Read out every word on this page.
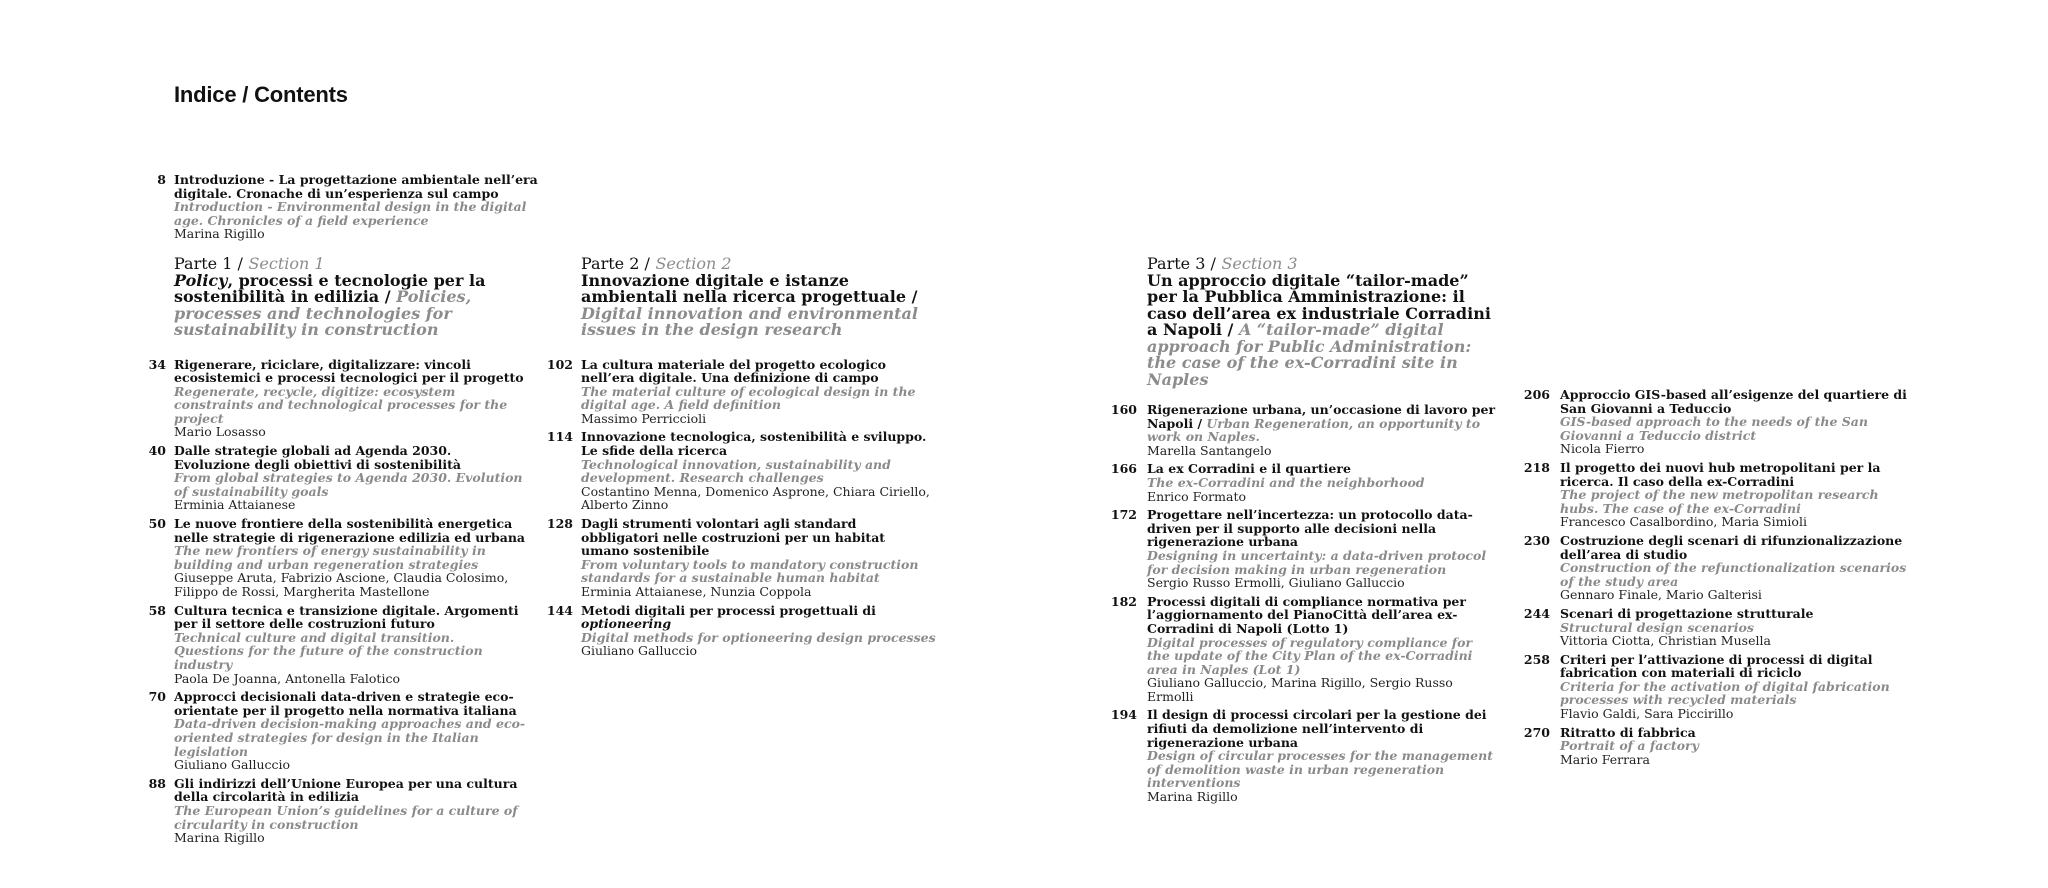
Indice / Contents
8 Introduzione - La progettazione ambientale nell’era digitale. Cronache di un’esperienza sul campo
Introduction - Environmental design in the digital age. Chronicles of a field experience
Marina Rigillo
Parte 1 / Section 1
Policy, processi e tecnologie per la sostenibilità in edilizia / Policies, processes and technologies for sustainability in construction
34 Rigenerare, riciclare, digitalizzare: vincoli ecosistemici e processi tecnologici per il progetto
Regenerate, recycle, digitize: ecosystem constraints and technological processes for the project
Mario Losasso
40 Dalle strategie globali ad Agenda 2030. Evoluzione degli obiettivi di sostenibilità
From global strategies to Agenda 2030. Evolution of sustainability goals
Erminia Attaianese
50 Le nuove frontiere della sostenibilità energetica nelle strategie di rigenerazione edilizia ed urbana
The new frontiers of energy sustainability in building and urban regeneration strategies
Giuseppe Aruta, Fabrizio Ascione, Claudia Colosimo, Filippo de Rossi, Margherita Mastellone
58 Cultura tecnica e transizione digitale. Argomenti per il settore delle costruzioni futuro
Technical culture and digital transition. Questions for the future of the construction industry
Paola De Joanna, Antonella Falotico
70 Approcci decisionali data-driven e strategie eco-orientate per il progetto nella normativa italiana
Data-driven decision-making approaches and eco-oriented strategies for design in the Italian legislation
Giuliano Galluccio
88 Gli indirizzi dell’Unione Europea per una cultura della circolarità in edilizia
The European Union’s guidelines for a culture of circularity in construction
Marina Rigillo
Parte 2 / Section 2
Innovazione digitale e istanze ambientali nella ricerca progettuale / Digital innovation and environmental issues in the design research
102 La cultura materiale del progetto ecologico nell’era digitale. Una definizione di campo
The material culture of ecological design in the digital age. A field definition
Massimo Perriccioli
114 Innovazione tecnologica, sostenibilità e sviluppo. Le sfide della ricerca
Technological innovation, sustainability and development. Research challenges
Costantino Menna, Domenico Asprone, Chiara Ciriello, Alberto Zinno
128 Dagli strumenti volontari agli standard obbligatori nelle costruzioni per un habitat umano sostenibile
From voluntary tools to mandatory construction standards for a sustainable human habitat
Erminia Attaianese, Nunzia Coppola
144 Metodi digitali per processi progettuali di optioneering
Digital methods for optioneering design processes
Giuliano Galluccio
Parte 3 / Section 3
Un approccio digitale “tailor-made” per la Pubblica Amministrazione: il caso dell’area ex industriale Corradini a Napoli / A “tailor-made” digital approach for Public Administration: the case of the ex-Corradini site in Naples
160 Rigenerazione urbana, un’occasione di lavoro per Napoli / Urban Regeneration, an opportunity to work on Naples.
Marella Santangelo
166 La ex Corradini e il quartiere
The ex-Corradini and the neighborhood
Enrico Formato
172 Progettare nell’incertezza: un protocollo data-driven per il supporto alle decisioni nella rigenerazione urbana
Designing in uncertainty: a data-driven protocol for decision making in urban regeneration
Sergio Russo Ermolli, Giuliano Galluccio
182 Processi digitali di compliance normativa per l’aggiornamento del PianoCittà dell’area ex-Corradini di Napoli (Lotto 1)
Digital processes of regulatory compliance for the update of the City Plan of the ex-Corradini area in Naples (Lot 1)
Giuliano Galluccio, Marina Rigillo, Sergio Russo Ermolli
194 Il design di processi circolari per la gestione dei rifiuti da demolizione nell’intervento di rigenerazione urbana
Design of circular processes for the management of demolition waste in urban regeneration interventions
Marina Rigillo
206 Approccio GIS-based all’esigenze del quartiere di San Giovanni a Teduccio
GIS-based approach to the needs of the San Giovanni a Teduccio district
Nicola Fierro
218 Il progetto dei nuovi hub metropolitani per la ricerca. Il caso della ex-Corradini
The project of the new metropolitan research hubs. The case of the ex-Corradini
Francesco Casalbordino, Maria Simioli
230 Costruzione degli scenari di rifunzionalizzazione dell’area di studio
Construction of the refunctionalization scenarios of the study area
Gennaro Finale, Mario Galterisi
244 Scenari di progettazione strutturale
Structural design scenarios
Vittoria Ciotta, Christian Musella
258 Criteri per l’attivazione di processi di digital fabrication con materiali di riciclo
Criteria for the activation of digital fabrication processes with recycled materials
Flavio Galdi, Sara Piccirillo
270 Ritratto di fabbrica
Portrait of a factory
Mario Ferrara
